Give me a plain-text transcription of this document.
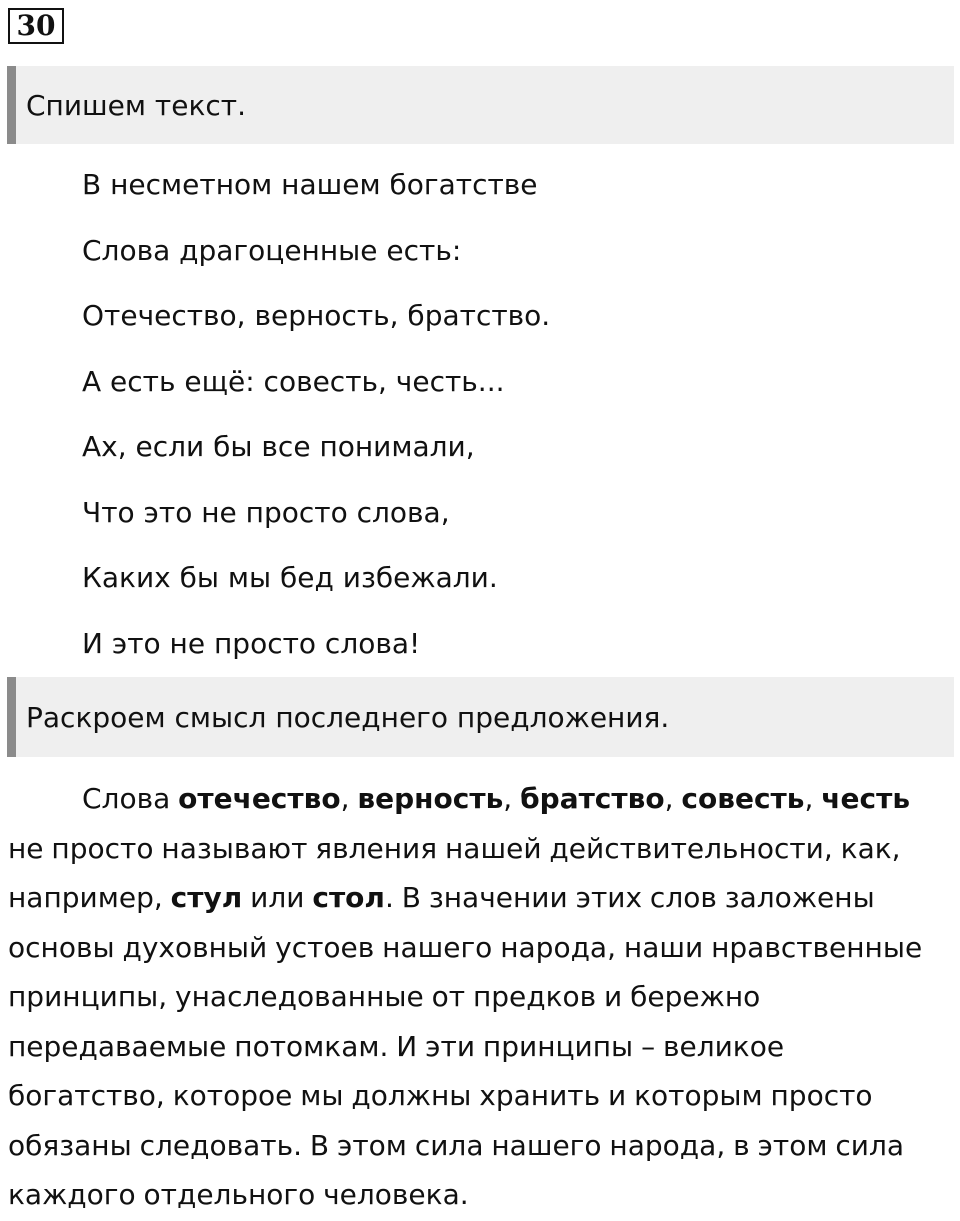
30
Спишем текст.
В несметном нашем богатстве
Слова драгоценные есть:
Отечество, верность, братство.
А есть ещё: совесть, честь...
Ах, если бы все понимали,
Что это не просто слова,
Каких бы мы бед избежали.
И это не просто слова!
Раскроем смысл последнего предложения.

Слова отечество, верность, братство, совесть, честь не просто называют явления нашей действительности, как, например, стул или стол. В значении этих слов заложены основы духовный устоев нашего народа, наши нравственные принципы, унаследованные от предков и бережно передаваемые потомкам. И эти принципы – великое богатство, которое мы должны хранить и которым просто обязаны следовать. В этом сила нашего народа, в этом сила каждого отдельного человека.
